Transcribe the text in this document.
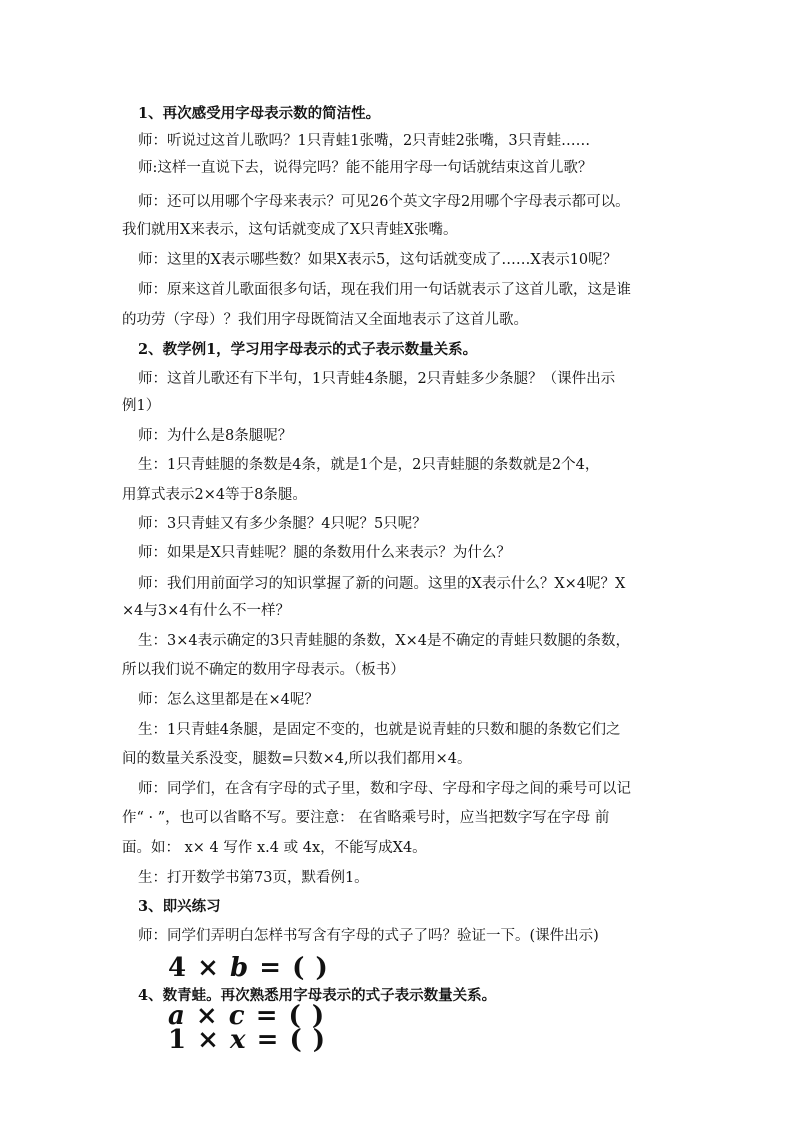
1、再次感受用字母表示数的简洁性。
师：听说过这首儿歌吗？1只青蛙1张嘴，2只青蛙2张嘴，3只青蛙……
师:这样一直说下去，说得完吗？能不能用字母一句话就结束这首儿歌？
师：还可以用哪个字母来表示？可见26个英文字母2用哪个字母表示都可以。
我们就用X来表示，这句话就变成了X只青蛙X张嘴。
师：这里的X表示哪些数？如果X表示5，这句话就变成了……X表示10呢？
师：原来这首儿歌面很多句话，现在我们用一句话就表示了这首儿歌，这是谁
的功劳（字母）？我们用字母既简洁又全面地表示了这首儿歌。
2、教学例1，学习用字母表示的式子表示数量关系。
师：这首儿歌还有下半句，1只青蛙4条腿，2只青蛙多少条腿？（课件出示
例1）
师：为什么是8条腿呢？
生：1只青蛙腿的条数是4条，就是1个是，2只青蛙腿的条数就是2个4，
用算式表示2×4等于8条腿。
师：3只青蛙又有多少条腿？4只呢？5只呢？
师：如果是X只青蛙呢？腿的条数用什么来表示？为什么？
师：我们用前面学习的知识掌握了新的问题。这里的X表示什么？X×4呢？X
×4与3×4有什么不一样？
生：3×4表示确定的3只青蛙腿的条数，X×4是不确定的青蛙只数腿的条数，
所以我们说不确定的数用字母表示。（板书）
师：怎么这里都是在×4呢？
生：1只青蛙4条腿，是固定不变的，也就是说青蛙的只数和腿的条数它们之
间的数量关系没变，腿数=只数×4,所以我们都用×4。
师：同学们，在含有字母的式子里，数和字母、字母和字母之间的乘号可以记
作“ · ”，也可以省略不写。要注意： 在省略乘号时，应当把数字写在字母 前
面。如： x× 4 写作 x.4 或 4x，不能写成X4。
生：打开数学书第73页，默看例1。
3、即兴练习
师：同学们弄明白怎样书写含有字母的式子了吗？验证一下。(课件出示)
4 × b = ( )
4、数青蛙。再次熟悉用字母表示的式子表示数量关系。
a × c = ( )
1 × x = ( )
